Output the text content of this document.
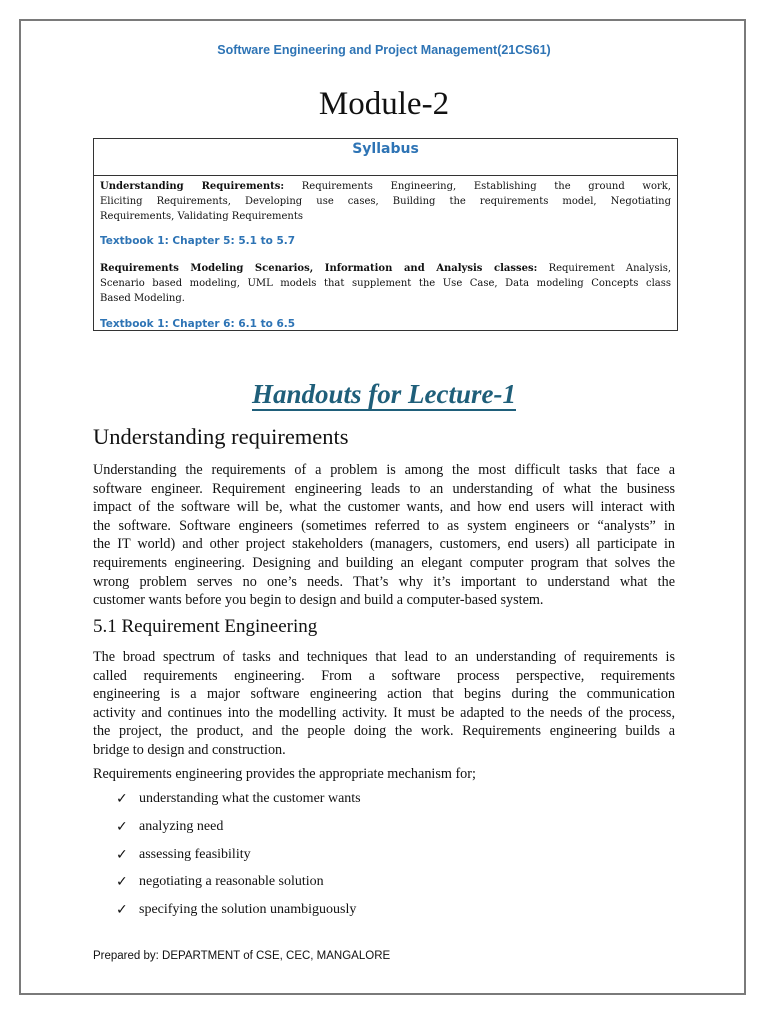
Software Engineering and Project Management(21CS61)
Module-2
Syllabus

Understanding Requirements: Requirements Engineering, Establishing the ground work,
Eliciting Requirements, Developing use cases, Building the requirements model, Negotiating
Requirements, Validating Requirements

Textbook 1: Chapter 5: 5.1 to 5.7

Requirements Modeling Scenarios, Information and Analysis classes: Requirement Analysis,
Scenario based modeling, UML models that supplement the Use Case, Data modeling Concepts class
Based Modeling.

Textbook 1: Chapter 6: 6.1 to 6.5

Handouts for Lecture-1
Understanding requirements
Understanding the requirements of a problem is among the most difficult tasks that face a
software engineer. Requirement engineering leads to an understanding of what the business
impact of the software will be, what the customer wants, and how end users will interact with
the software. Software engineers (sometimes referred to as system engineers or “analysts” in
the IT world) and other project stakeholders (managers, customers, end users) all participate in
requirements engineering. Designing and building an elegant computer program that solves the
wrong problem serves no one’s needs. That’s why it’s important to understand what the
customer wants before you begin to design and build a computer-based system.
5.1 Requirement Engineering
The broad spectrum of tasks and techniques that lead to an understanding of requirements is
called requirements engineering. From a software process perspective, requirements
engineering is a major software engineering action that begins during the communication
activity and continues into the modelling activity. It must be adapted to the needs of the process,
the project, the product, and the people doing the work. Requirements engineering builds a
bridge to design and construction.
Requirements engineering provides the appropriate mechanism for;
✓ understanding what the customer wants
✓ analyzing need
✓ assessing feasibility
✓ negotiating a reasonable solution
✓ specifying the solution unambiguously
Prepared by: DEPARTMENT of CSE, CEC, MANGALORE
